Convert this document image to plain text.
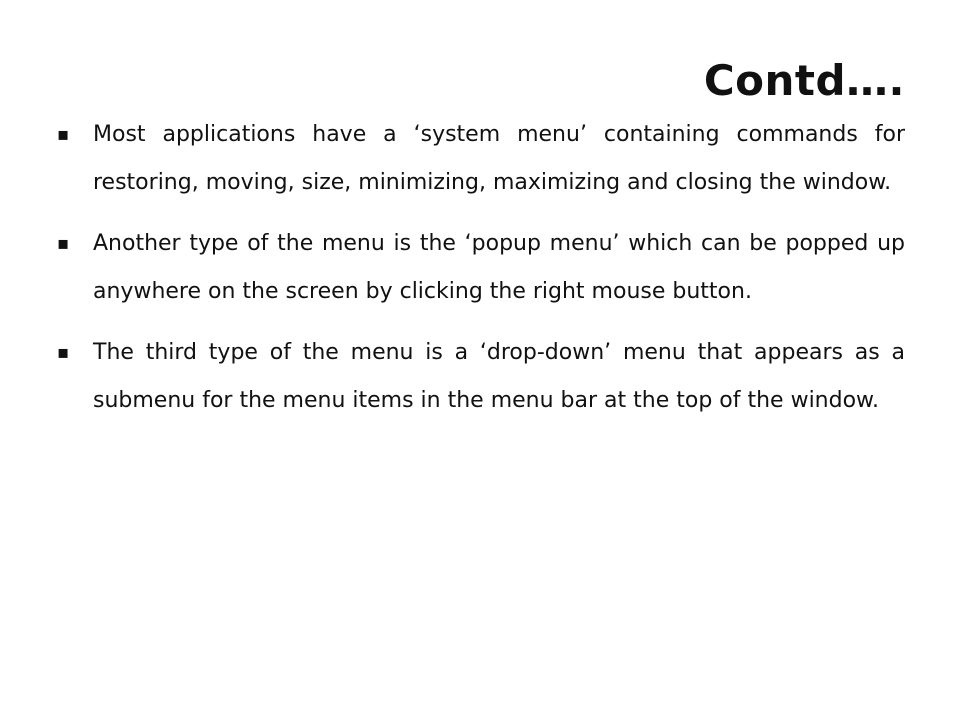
Contd….
▪	Most applications have a ‘system menu’ containing commands for restoring, moving, size, minimizing, maximizing and closing the window.
▪	Another type of the menu is the ‘popup menu’ which can be popped up anywhere on the screen by clicking the right mouse button.
▪	The third type of the menu is a ‘drop-down’ menu that appears as a submenu for the menu items in the menu bar at the top of the window.
